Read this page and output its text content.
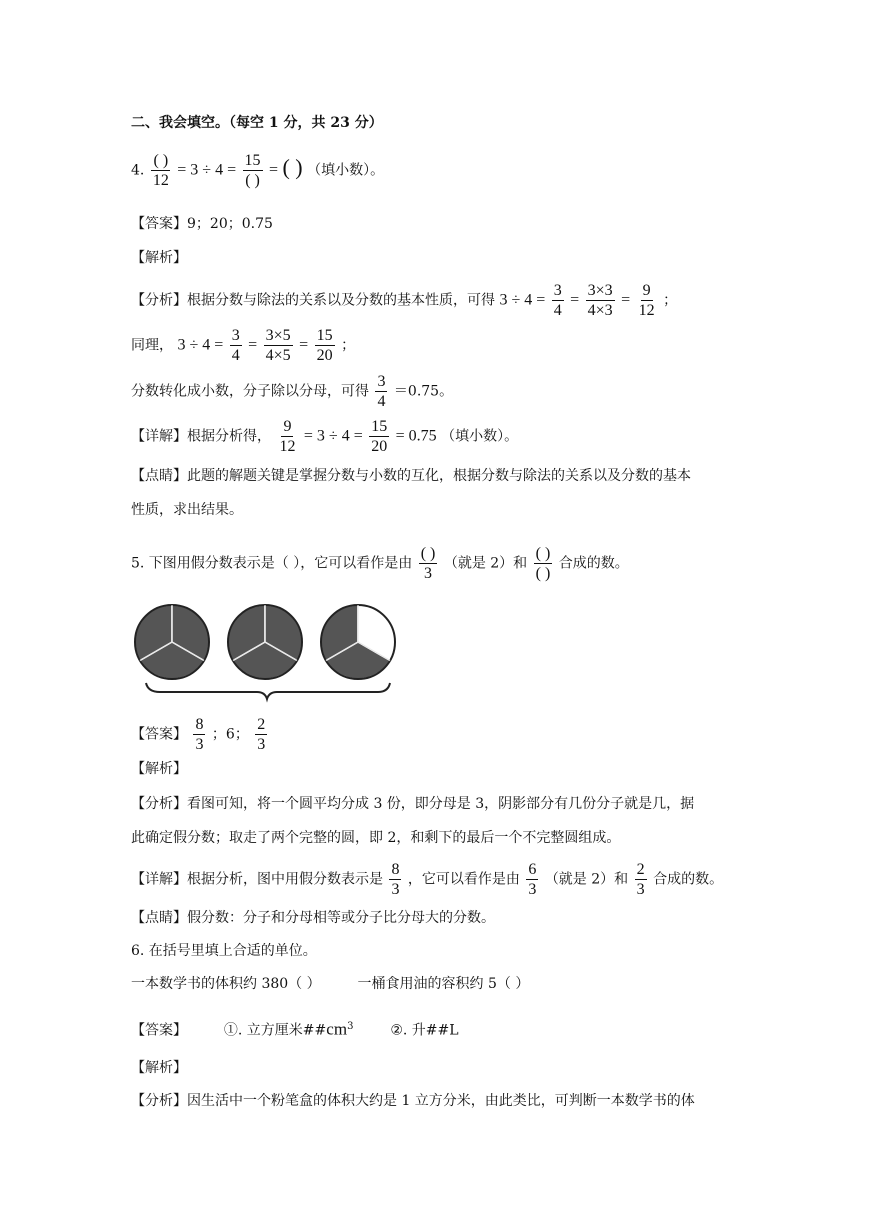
二、我会填空。（每空 1 分，共 23 分）
4. $\frac{( )}{12} = 3 \div 4 = \frac{15}{( )}$ = ( ) （填小数）。
【答案】9；20；0.75
【解析】
【分析】根据分数与除法的关系以及分数的基本性质，可得 $3 \div 4 = \frac{3}{4} = \frac{3\times 3}{4\times 3} = \frac{9}{12}$ ；
同理， $3 \div 4 = \frac{3}{4} = \frac{3\times 5}{4\times 5} = \frac{15}{20}$ ；
分数转化成小数，分子除以分母，可得 $\frac{3}{4} =0.75$。
【详解】根据分析得， $\frac{9}{12} = 3 \div 4 = \frac{15}{20} = 0.75$ （填小数）。
【点睛】此题的解题关键是掌握分数与小数的互化，根据分数与除法的关系以及分数的基本
性质，求出结果。
5. 下图用假分数表示是（ ），它可以看作是由 $\frac{( )}{3}$ （就是 2）和 $\frac{( )}{( )}$ 合成的数。
【答案】 $\frac{8}{3}$ ；6； $\frac{2}{3}$
【解析】
【分析】看图可知，将一个圆平均分成 3 份，即分母是 3，阴影部分有几份分子就是几，据
此确定假分数；取走了两个完整的圆，即 2，和剩下的最后一个不完整圆组成。
【详解】根据分析，图中用假分数表示是 $\frac{8}{3}$ ，它可以看作是由 $\frac{6}{3}$ （就是 2）和 $\frac{2}{3}$ 合成的数。
【点睛】假分数：分子和分母相等或分子比分母大的分数。
6. 在括号里填上合适的单位。
一本数学书的体积约 380（ ）	一桶食用油的容积约 5（ ）
【答案】	①. 立方厘米$\#\#cm^3$	②. 升##L
【解析】
【分析】因生活中一个粉笔盒的体积大约是 1 立方分米，由此类比，可判断一本数学书的体
